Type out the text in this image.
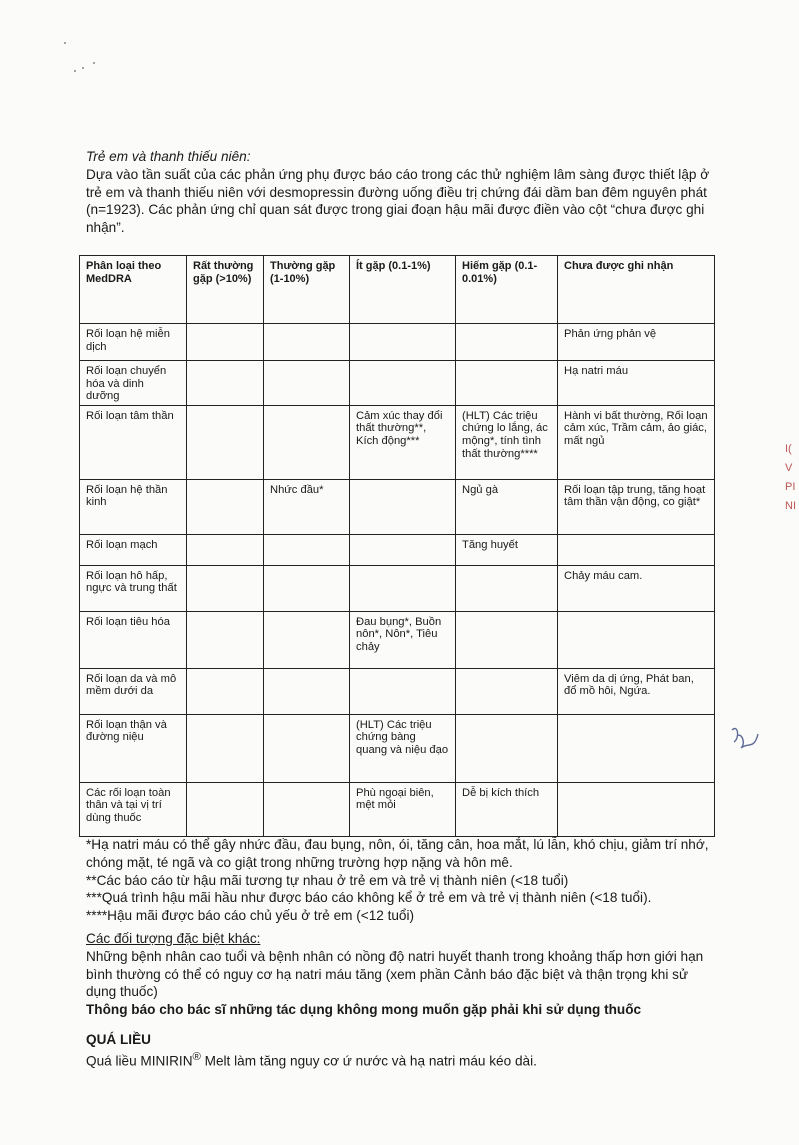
Trẻ em và thanh thiếu niên:
Dựa vào tần suất của các phản ứng phụ được báo cáo trong các thử nghiệm lâm sàng được thiết lập ở trẻ em và thanh thiếu niên với desmopressin đường uống điều trị chứng đái dầm ban đêm nguyên phát (n=1923). Các phản ứng chỉ quan sát được trong giai đoạn hậu mãi được điền vào cột “chưa được ghi nhận”.
Phân loại theo MedDRA	Rất thường gặp (>10%)	Thường gặp (1-10%)	Ít gặp (0.1-1%)	Hiếm gặp (0.1-0.01%)	Chưa được ghi nhận
Rối loạn hệ miễn dịch					Phản ứng phản vệ
Rối loạn chuyển hóa và dinh dưỡng					Hạ natri máu
Rối loạn tâm thần			Cảm xúc thay đổi thất thường**, Kích động***	(HLT) Các triệu chứng lo lắng, ác mộng*, tính tình thất thường****	Hành vi bất thường, Rối loạn cảm xúc, Trầm cảm, ảo giác, mất ngủ
Rối loạn hệ thần kinh		Nhức đầu*		Ngủ gà	Rối loạn tập trung, tăng hoạt tâm thần vận động, co giật*
Rối loạn mạch				Tăng huyết	
Rối loạn hô hấp, ngực và trung thất					Chảy máu cam.
Rối loạn tiêu hóa			Đau bụng*, Buồn nôn*, Nôn*, Tiêu chảy		
Rối loạn da và mô mềm dưới da					Viêm da dị ứng, Phát ban, đổ mồ hôi, Ngứa.
Rối loạn thận và đường niệu			(HLT) Các triệu chứng bàng quang và niệu đạo		
Các rối loạn toàn thân và tại vị trí dùng thuốc			Phù ngoại biên, mệt mỏi	Dễ bị kích thích	

*Hạ natri máu có thể gây nhức đầu, đau bụng, nôn, ói, tăng cân, hoa mắt, lú lẫn, khó chịu, giảm trí nhớ, chóng mặt, té ngã và co giật trong những trường hợp nặng và hôn mê.

**Các báo cáo từ hậu mãi tương tự nhau ở trẻ em và trẻ vị thành niên (<18 tuổi)

***Quá trình hậu mãi hầu như được báo cáo không kể ở trẻ em và trẻ vị thành niên (<18 tuổi).

****Hậu mãi được báo cáo chủ yếu ở trẻ em (<12 tuổi)

Các đối tượng đặc biệt khác:

Những bệnh nhân cao tuổi và bệnh nhân có nồng độ natri huyết thanh trong khoảng thấp hơn giới hạn bình thường có thể có nguy cơ hạ natri máu tăng (xem phần Cảnh báo đặc biệt và thận trọng khi sử dụng thuốc)

Thông báo cho bác sĩ những tác dụng không mong muốn gặp phải khi sử dụng thuốc

QUÁ LIỀU

Quá liều MINIRIN® Melt làm tăng nguy cơ ứ nước và hạ natri máu kéo dài.

I(
V
PI
NI
